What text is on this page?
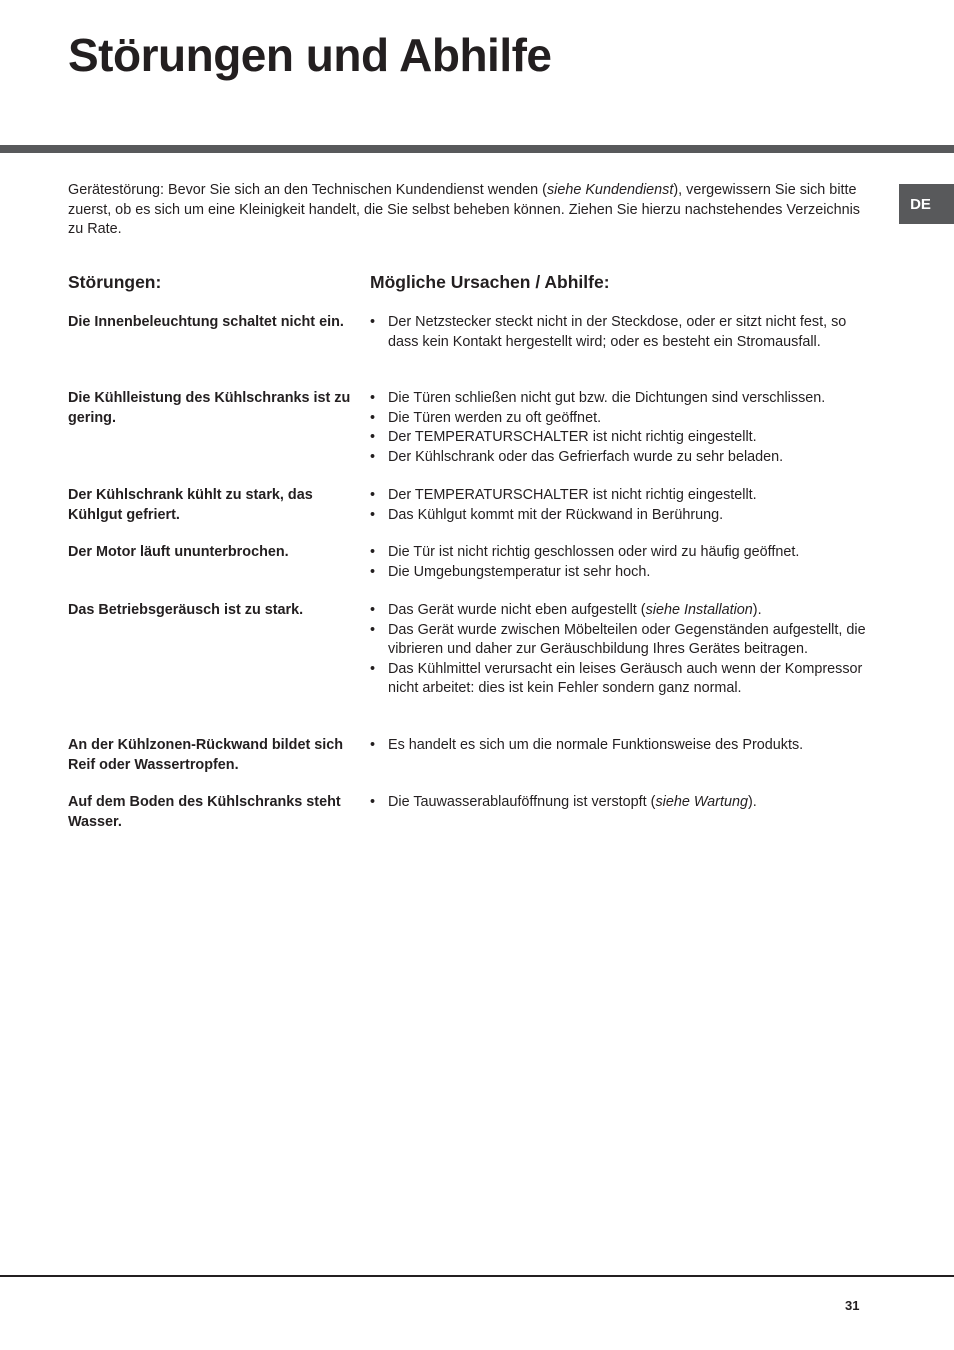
Störungen und Abhilfe
DE

Gerätestörung: Bevor Sie sich an den Technischen Kundendienst wenden (siehe Kundendienst), vergewissern Sie sich bitte zuerst, ob es sich um eine Kleinigkeit handelt, die Sie selbst beheben können. Ziehen Sie hierzu nachstehendes Verzeichnis zu Rate.

Störungen:	Mögliche Ursachen / Abhilfe:
Die Innenbeleuchtung schaltet nicht ein.	• Der Netzstecker steckt nicht in der Steckdose, oder er sitzt nicht fest, so dass kein Kontakt hergestellt wird; oder es besteht ein Stromausfall.
Die Kühlleistung des Kühlschranks ist zu gering.
• Die Türen schließen nicht gut bzw. die Dichtungen sind verschlissen.
• Die Türen werden zu oft geöffnet.
• Der TEMPERATURSCHALTER ist nicht richtig eingestellt.
• Der Kühlschrank oder das Gefrierfach wurde zu sehr beladen.
Der Kühlschrank kühlt zu stark, das Kühlgut gefriert.
• Der TEMPERATURSCHALTER ist nicht richtig eingestellt.
• Das Kühlgut kommt mit der Rückwand in Berührung.
Der Motor läuft ununterbrochen.	• Die Tür ist nicht richtig geschlossen oder wird zu häufig geöffnet.
• Die Umgebungstemperatur ist sehr hoch.
Das Betriebsgeräusch ist zu stark.	• Das Gerät wurde nicht eben aufgestellt (siehe Installation).
• Das Gerät wurde zwischen Möbelteilen oder Gegenständen aufgestellt, die vibrieren und daher zur Geräuschbildung Ihres Gerätes beitragen.
• Das Kühlmittel verursacht ein leises Geräusch auch wenn der Kompressor nicht arbeitet: dies ist kein Fehler sondern ganz normal.
An der Kühlzonen-Rückwand bildet sich Reif oder Wassertropfen.
• Es handelt es sich um die normale Funktionsweise des Produkts.
Auf dem Boden des Kühlschranks steht Wasser.
• Die Tauwasserablauföffnung ist verstopft (siehe Wartung).
31
